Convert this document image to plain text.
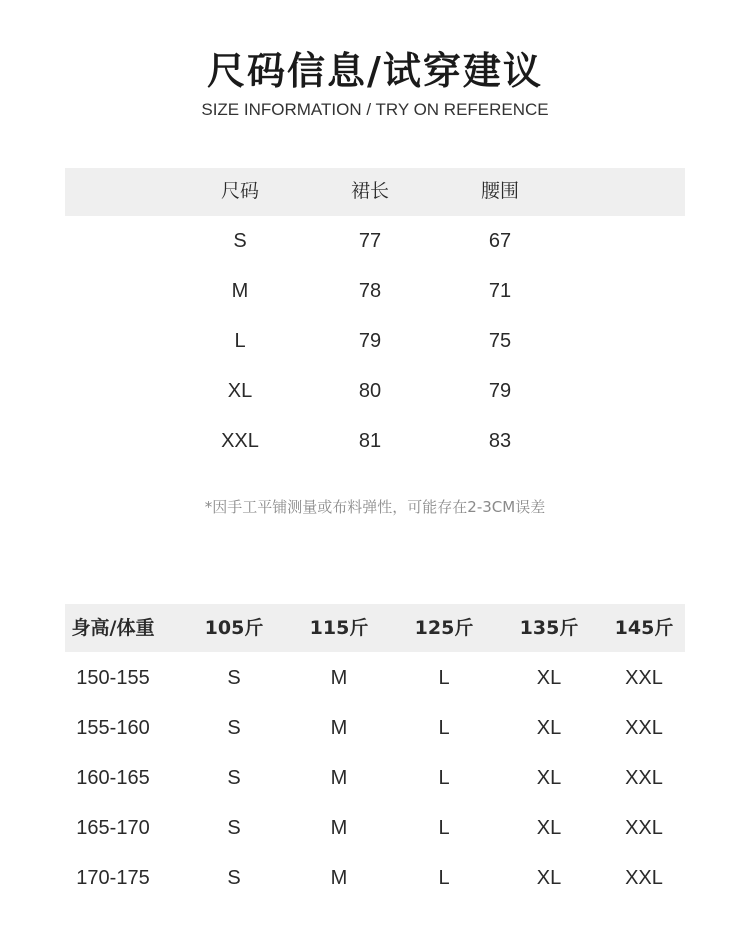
尺码信息/试穿建议
SIZE INFORMATION / TRY ON REFERENCE
尺码	裙长	腰围
S	77	67
M	78	71
L	79	75
XL	80	79
XXL	81	83
*因手工平铺测量或布料弹性，可能存在2-3CM误差
身高/体重	105斤	115斤	125斤	135斤	145斤
150-155	S	M	L	XL	XXL
155-160	S	M	L	XL	XXL
160-165	S	M	L	XL	XXL
165-170	S	M	L	XL	XXL
170-175	S	M	L	XL	XXL
